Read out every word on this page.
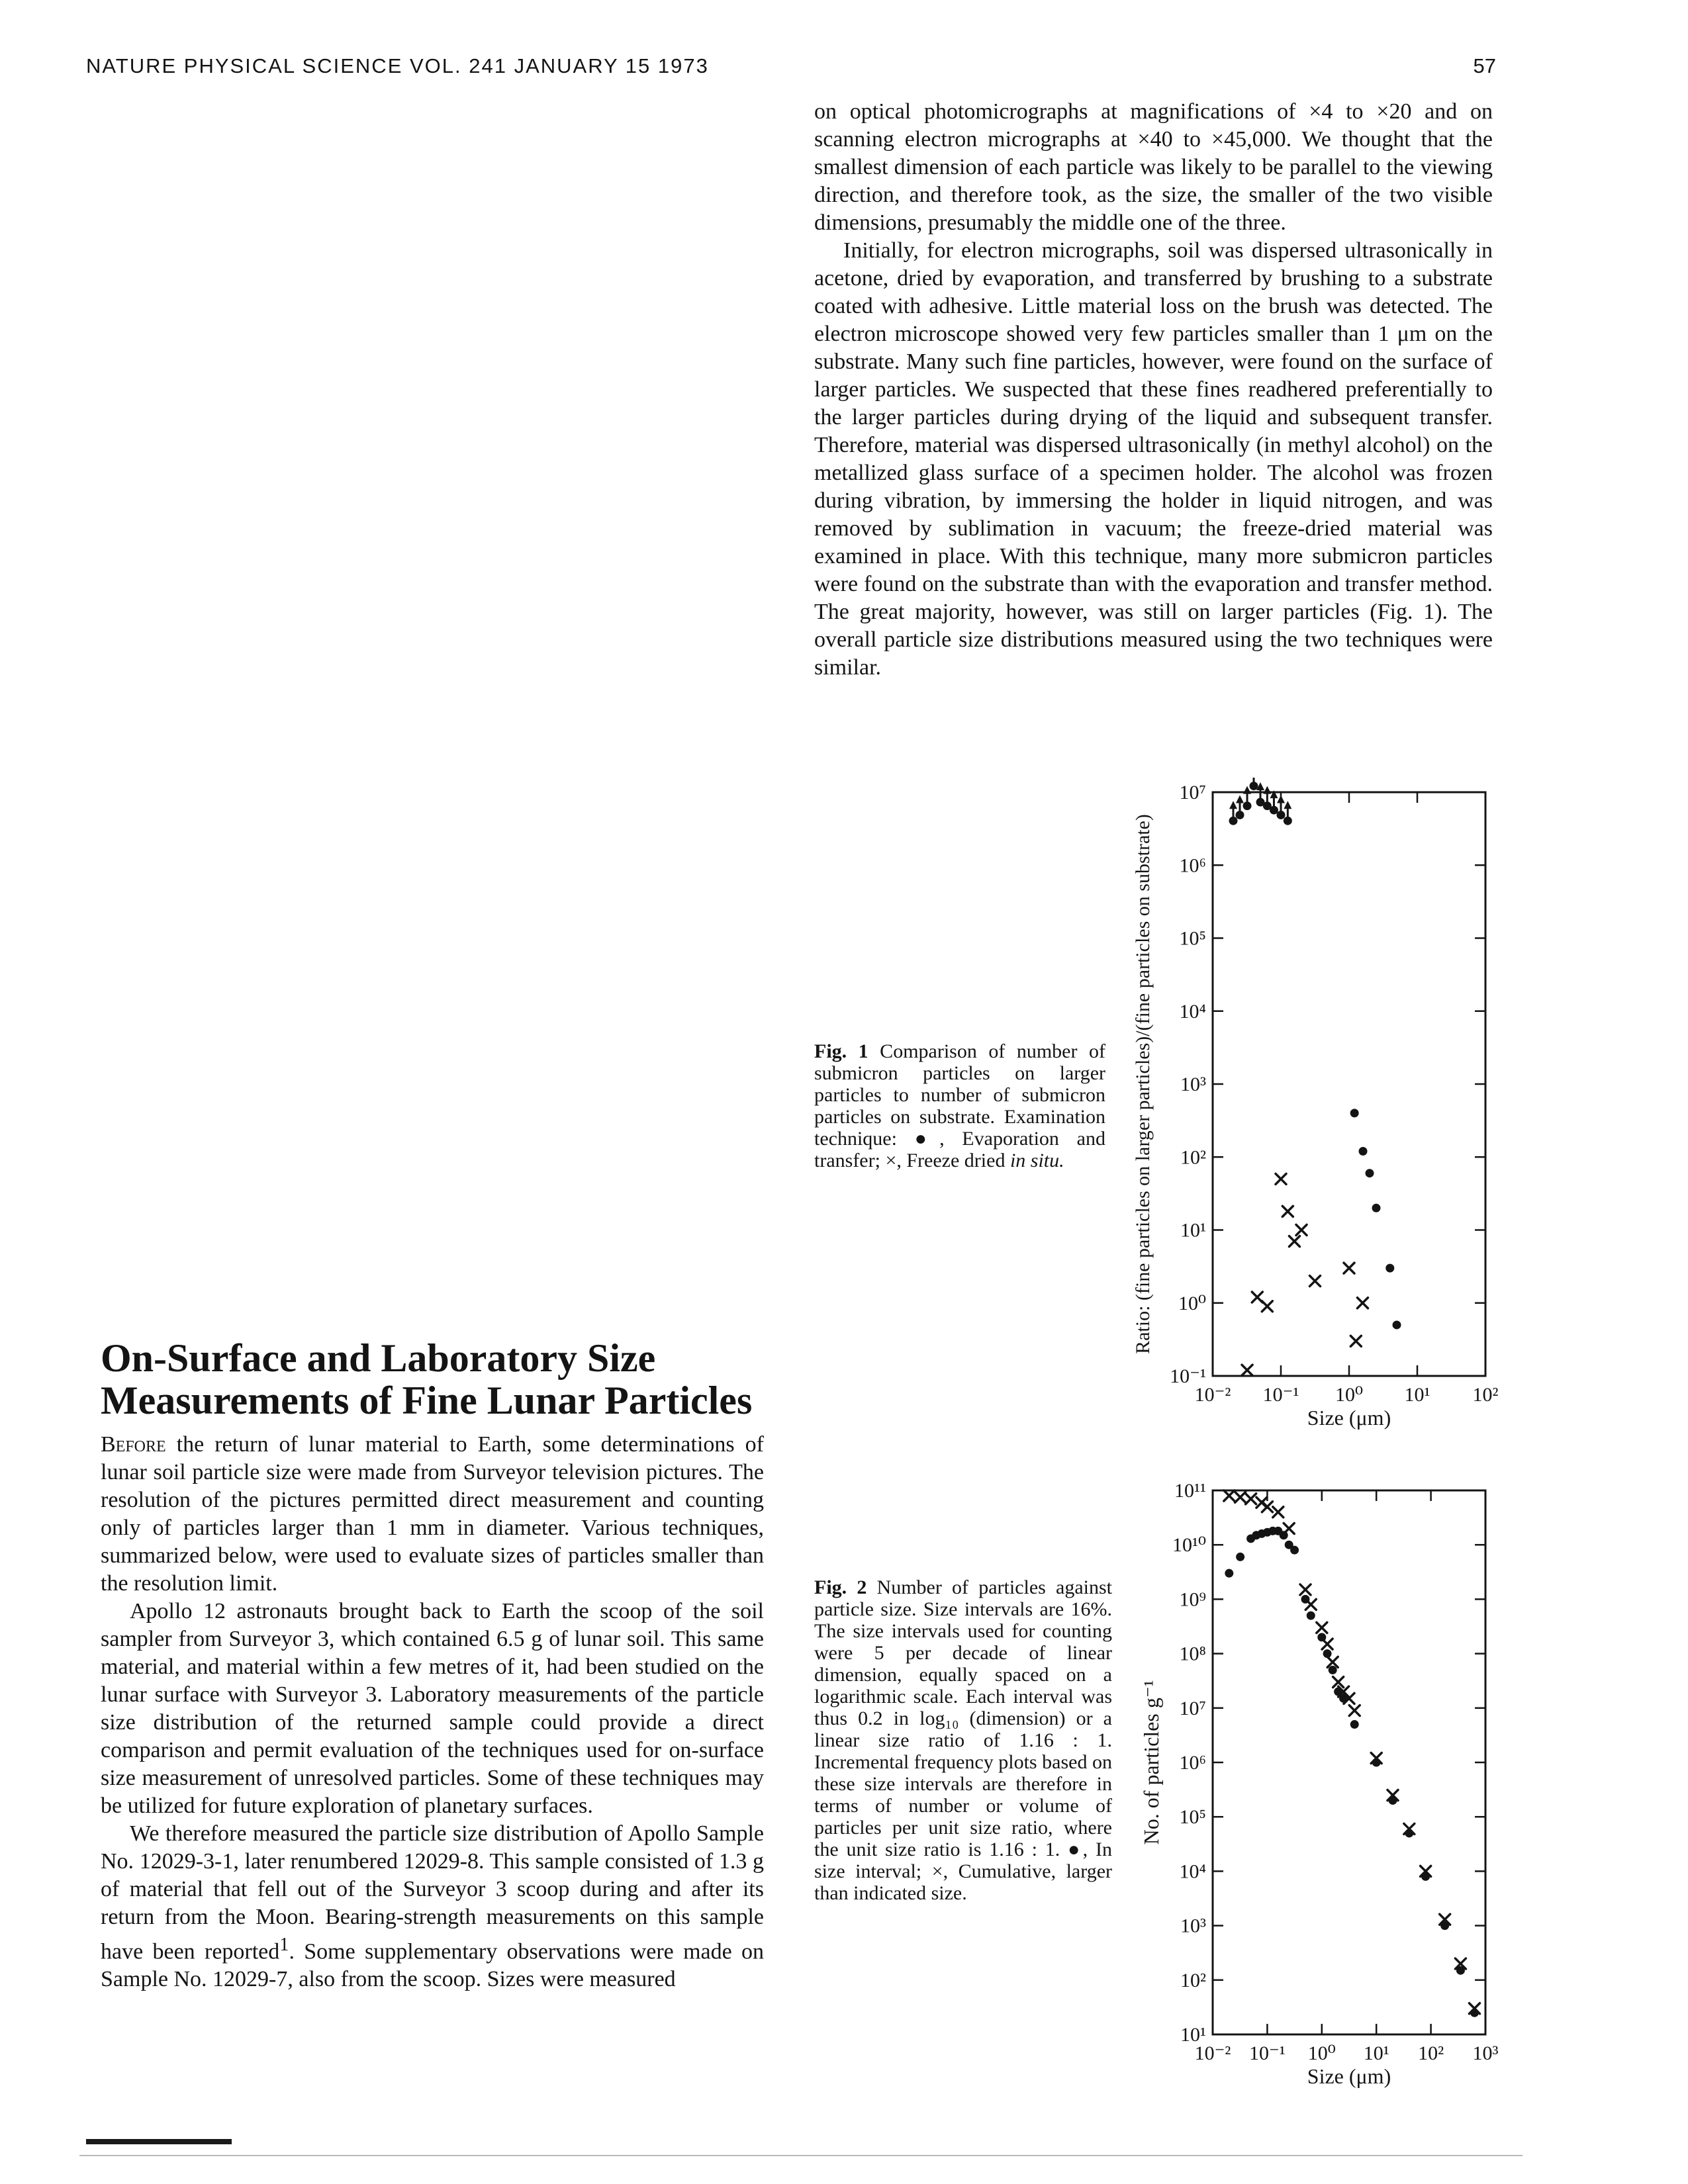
NATURE PHYSICAL SCIENCE VOL. 241 JANUARY 15 1973	57

on optical photomicrographs at magnifications of ×4 to ×20 and on scanning electron micrographs at ×40 to ×45,000. We thought that the smallest dimension of each particle was likely to be parallel to the viewing direction, and therefore took, as the size, the smaller of the two visible dimensions, presumably the middle one of the three.

Initially, for electron micrographs, soil was dispersed ultrasonically in acetone, dried by evaporation, and transferred by brushing to a substrate coated with adhesive. Little material loss on the brush was detected. The electron microscope showed very few particles smaller than 1 μm on the substrate. Many such fine particles, however, were found on the surface of larger particles. We suspected that these fines readhered preferentially to the larger particles during drying of the liquid and subsequent transfer. Therefore, material was dispersed ultrasonically (in methyl alcohol) on the metallized glass surface of a specimen holder. The alcohol was frozen during vibration, by immersing the holder in liquid nitrogen, and was removed by sublimation in vacuum; the freeze-dried material was examined in place. With this technique, many more submicron particles were found on the substrate than with the evaporation and transfer method. The great majority, however, was still on larger particles (Fig. 1). The overall particle size distributions measured using the two techniques were similar.

Fig. 1 Comparison of number of submicron particles on larger particles to number of submicron particles on substrate. Examination technique: ●, Evaporation and transfer; ×, Freeze dried in situ.
Fig. 2 Number of particles against particle size. Size intervals are 16%. The size intervals used for counting were 5 per decade of linear dimension, equally spaced on a logarithmic scale. Each interval was thus 0.2 in log₁₀ (dimension) or a linear size ratio of 1.16 : 1. Incremental frequency plots based on these size intervals are therefore in terms of number or volume of particles per unit size ratio, where the unit size ratio is 1.16 : 1. ●, In size interval; ×, Cumulative, larger than indicated size.
10⁻² 10⁻¹ 10⁰ 10¹ 10²
10⁻¹
10⁰
10¹
10²
10³
10⁴
10⁵
10⁶
10⁷
Size (μm)
Ratio: (fine particles on larger particles)/(fine particles on substrate)
10⁻² 10⁻¹ 10⁰ 10¹ 10² 10³
10¹
10²
10³
10⁴
10⁵
10⁶
10⁷
10⁸
10⁹
10¹⁰
10¹¹
Size (μm)
No. of particles g⁻¹
On-Surface and Laboratory Size
Measurements of Fine Lunar Particles

Before the return of lunar material to Earth, some determinations of lunar soil particle size were made from Surveyor television pictures. The resolution of the pictures permitted direct measurement and counting only of particles larger than 1 mm in diameter. Various techniques, summarized below, were used to evaluate sizes of particles smaller than the resolution limit.

Apollo 12 astronauts brought back to Earth the scoop of the soil sampler from Surveyor 3, which contained 6.5 g of lunar soil. This same material, and material within a few metres of it, had been studied on the lunar surface with Surveyor 3. Laboratory measurements of the particle size distribution of the returned sample could provide a direct comparison and permit evaluation of the techniques used for on-surface size measurement of unresolved particles. Some of these techniques may be utilized for future exploration of planetary surfaces.

We therefore measured the particle size distribution of Apollo Sample No. 12029-3-1, later renumbered 12029-8. This sample consisted of 1.3 g of material that fell out of the Surveyor 3 scoop during and after its return from the Moon. Bearing-strength measurements on this sample have been reported$^1$. Some supplementary observations were made on Sample No. 12029-7, also from the scoop. Sizes were measured
